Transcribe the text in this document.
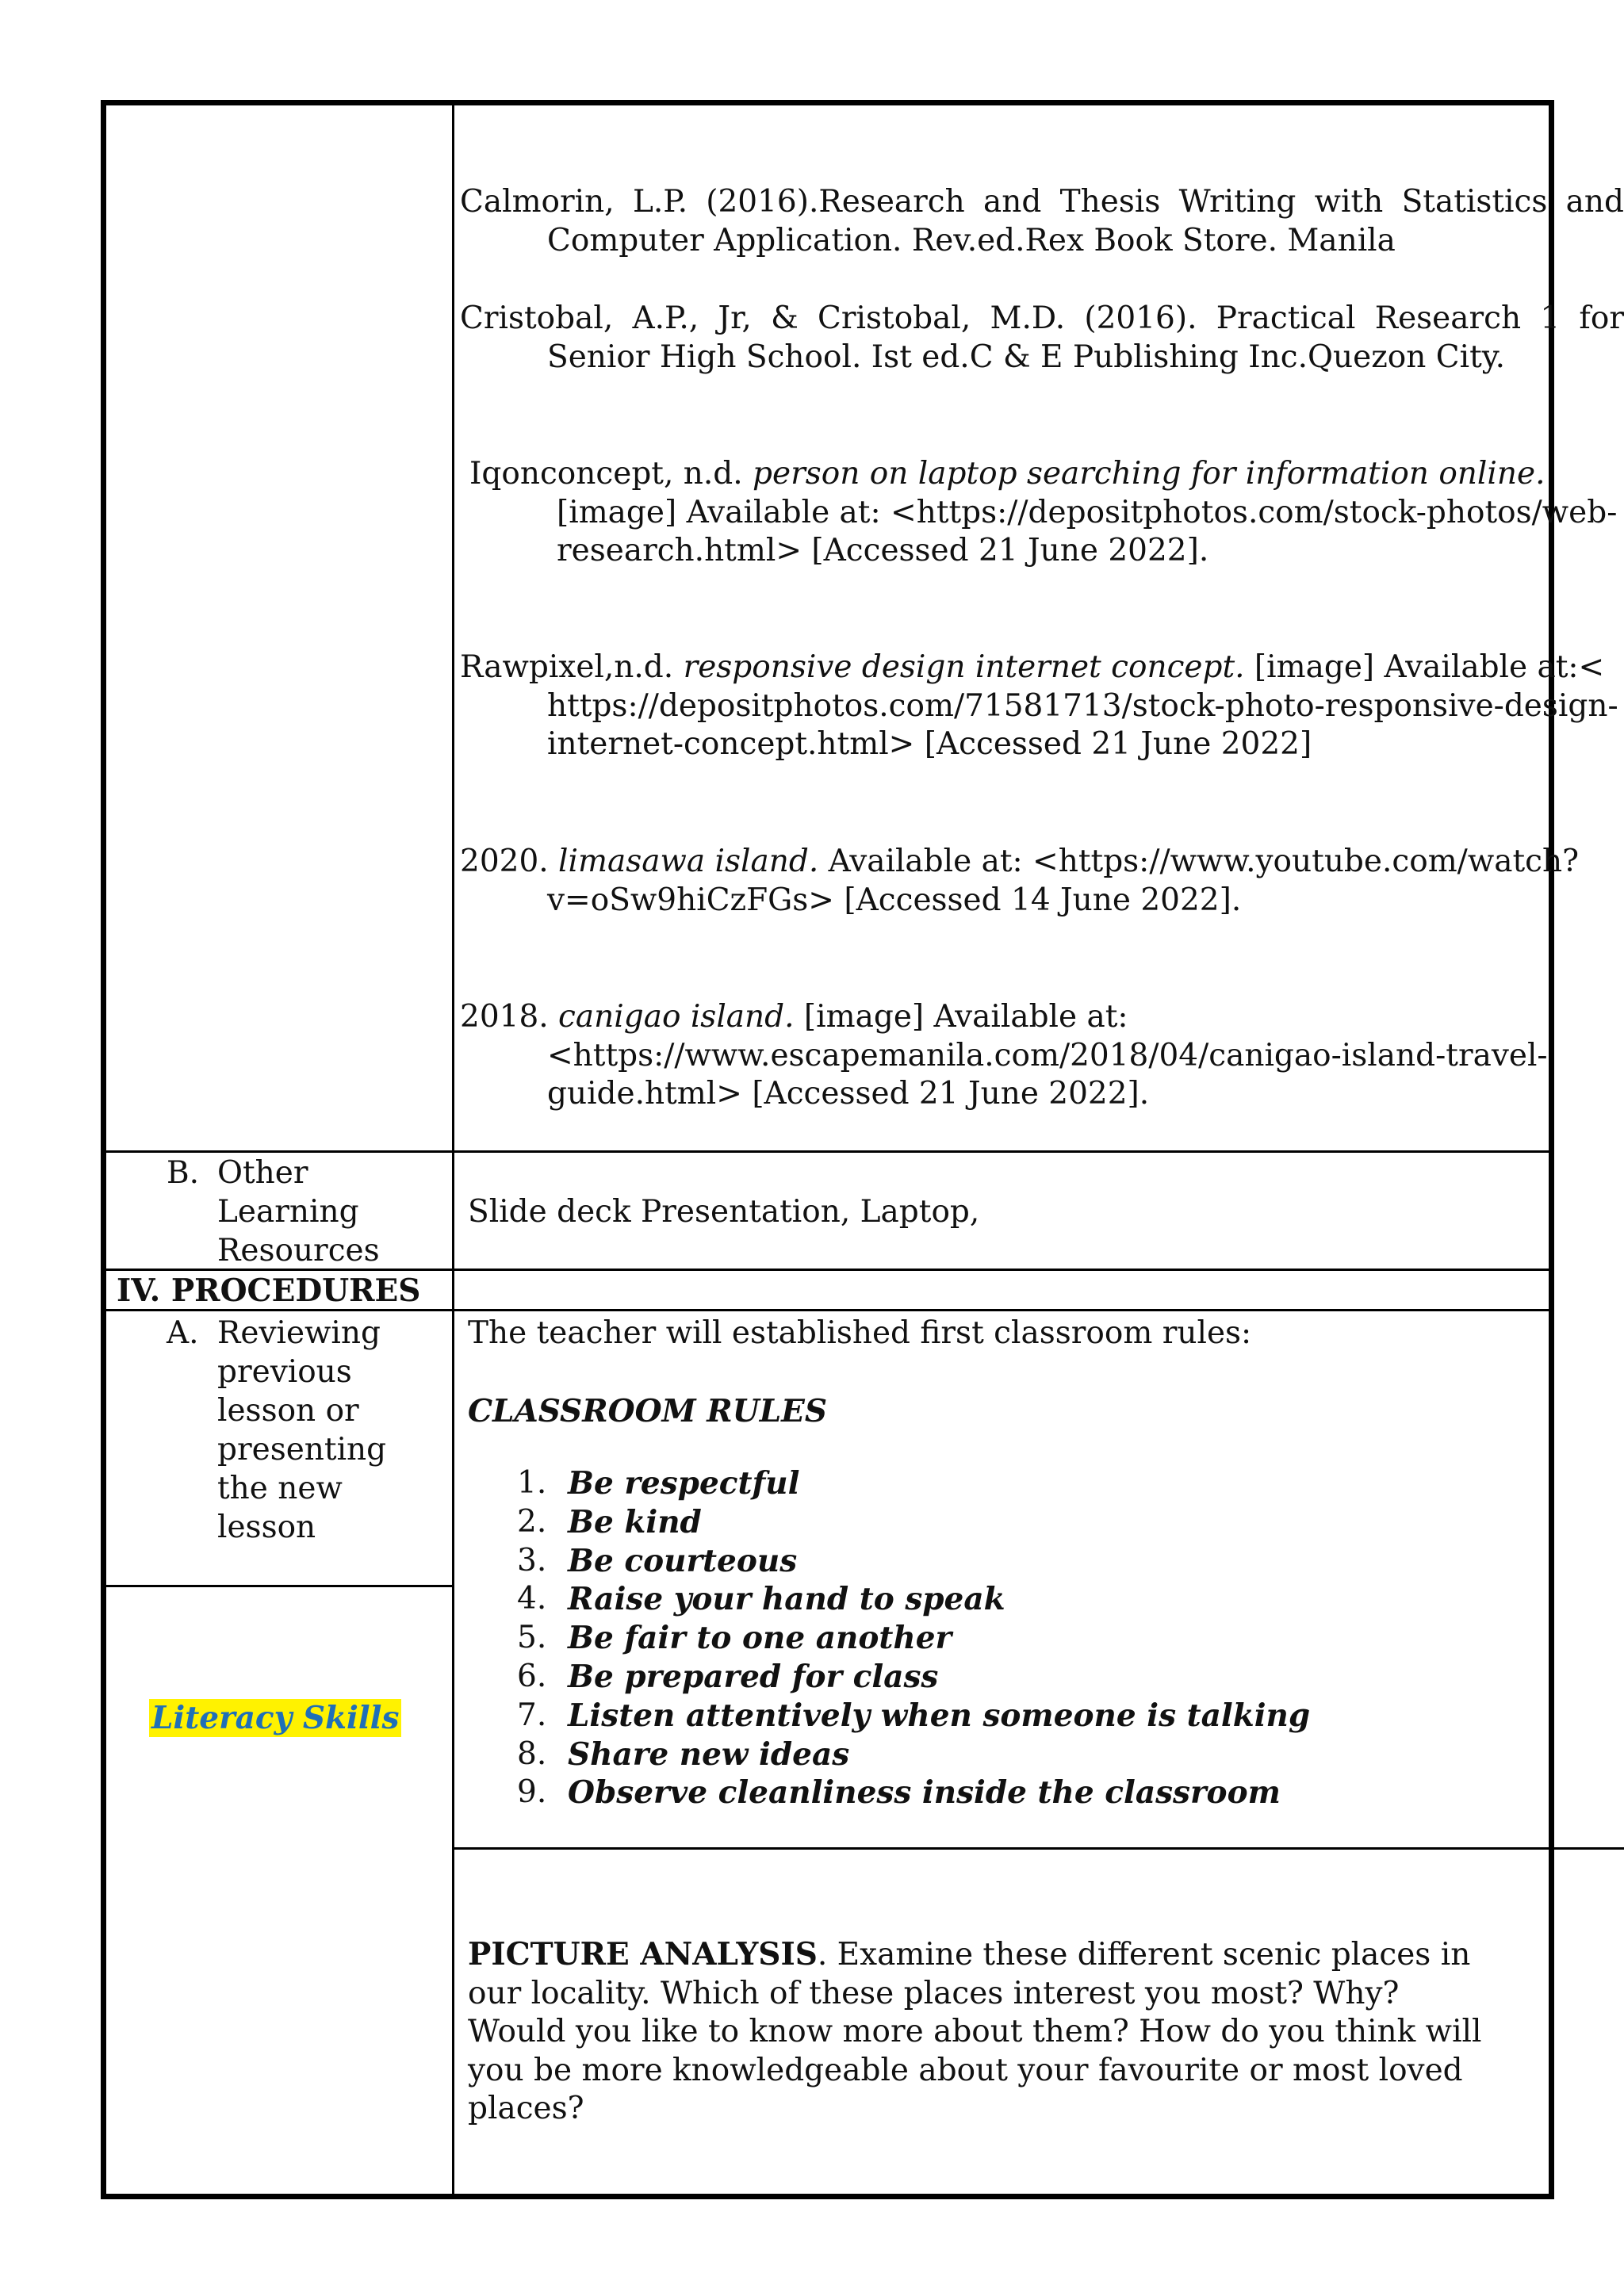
Calmorin, L.P. (2016).Research and Thesis Writing with Statistics and Computer Application. Rev.ed.Rex Book Store. Manila

Cristobal, A.P., Jr, & Cristobal, M.D. (2016). Practical Research 1 for Senior High School. Ist ed.C & E Publishing Inc.Quezon City.

Iqonconcept, n.d. person on laptop searching for information online. [image] Available at: <https://depositphotos.com/stock-photos/web-research.html> [Accessed 21 June 2022].

Rawpixel,n.d. responsive design internet concept. [image] Available at:< https://depositphotos.com/71581713/stock-photo-responsive-design-internet-concept.html> [Accessed 21 June 2022]

2020. limasawa island. Available at: <https://www.youtube.com/watch?v=oSw9hiCzFGs> [Accessed 14 June 2022].

2018. canigao island. [image] Available at: <https://www.escapemanila.com/2018/04/canigao-island-travel-guide.html> [Accessed 21 June 2022].

B. Other
Learning
Resources
Slide deck Presentation, Laptop,
IV. PROCEDURES
A. Reviewing
previous
lesson or
presenting
the new
lesson
The teacher will established first classroom rules:
CLASSROOM RULES
1. Be respectful
2. Be kind
3. Be courteous
4. Raise your hand to speak
5. Be fair to one another
6. Be prepared for class
7. Listen attentively when someone is talking
8. Share new ideas
9. Observe cleanliness inside the classroom
Literacy Skills
PICTURE ANALYSIS. Examine these different scenic places in
our locality. Which of these places interest you most? Why?
Would you like to know more about them? How do you think will
you be more knowledgeable about your favourite or most loved
places?
